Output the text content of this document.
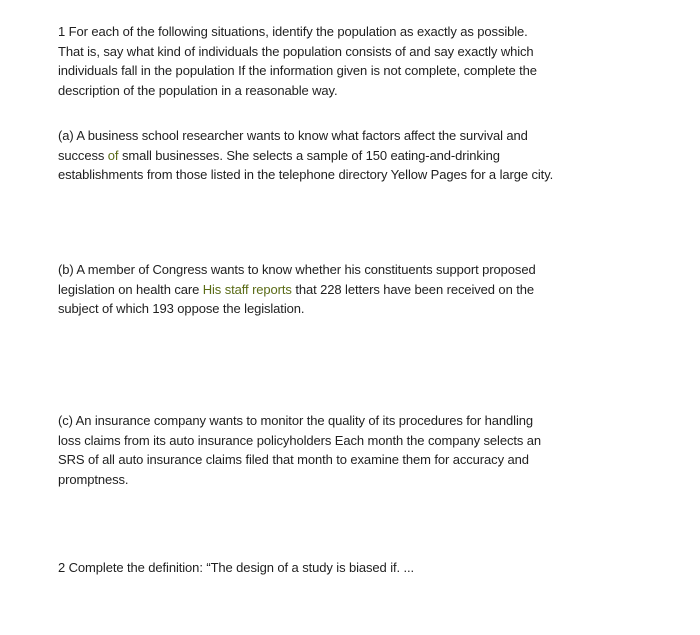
1 For each of the following situations, identify the population as exactly as possible.
That is, say what kind of individuals the population consists of and say exactly which
individuals fall in the population If the information given is not complete, complete the
description of the population in a reasonable way.
(a) A business school researcher wants to know what factors affect the survival and
success of small businesses. She selects a sample of 150 eating-and-drinking
establishments from those listed in the telephone directory Yellow Pages for a large city.
(b) A member of Congress wants to know whether his constituents support proposed
legislation on health care His staff reports that 228 letters have been received on the
subject of which 193 oppose the legislation.
(c) An insurance company wants to monitor the quality of its procedures for handling
loss claims from its auto insurance policyholders Each month the company selects an
SRS of all auto insurance claims filed that month to examine them for accuracy and
promptness.
2 Complete the definition: “The design of a study is biased if. ...
